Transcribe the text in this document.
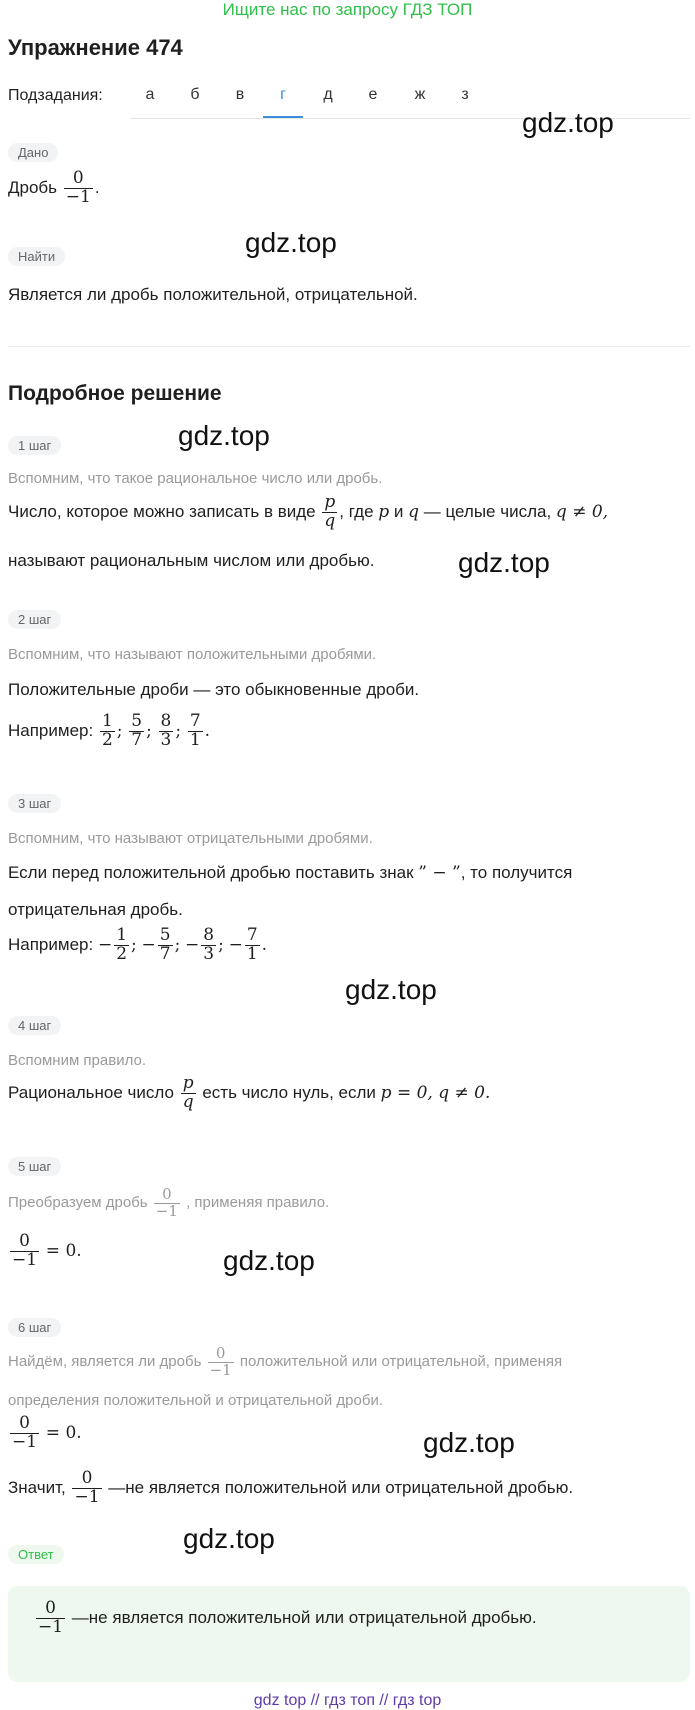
Ищите нас по запросу ГДЗ ТОП
Упражнение 474
Подзадания:	а	б	в	г	д	е	ж	з
gdz.top
gdz.top
gdz.top
gdz.top
gdz.top
gdz.top
gdz.top
gdz.top
Дано
Дробь $\frac{0}{-1}$ .
Найти
Является ли дробь положительной, отрицательной.
Подробное решение
1 шаг
Вспомним, что такое рациональное число или дробь.
Число, которое можно записать в виде $\frac{p}{q}$ , где p и q — целые числа, q ≠ 0,
называют рациональным числом или дробью.
2 шаг
Вспомним, что называют положительными дробями.
Положительные дроби — это обыкновенные дроби.
Например: $\frac{1}{2}$ ; $\frac{5}{7}$ ; $\frac{8}{3}$ ; $\frac{7}{1}$ .
3 шаг
Вспомним, что называют отрицательными дробями.
Если перед положительной дробью поставить знак ” − ”, то получится
отрицательная дробь.
Например: − $\frac{1}{2}$ ; − $\frac{5}{7}$ ; − $\frac{8}{3}$ ; − $\frac{7}{1}$ .
4 шаг
Вспомним правило.
Рациональное число $\frac{p}{q}$ есть число нуль, если p = 0, q ≠ 0.
5 шаг
Преобразуем дробь $\frac{0}{-1}$ , применяя правило.
$\frac{0}{-1} = 0$.
6 шаг
Найдём, является ли дробь $\frac{0}{-1}$ положительной или отрицательной, применяя
определения положительной и отрицательной дроби.
$\frac{0}{-1} = 0$.
Значит, $\frac{0}{-1}$ —не является положительной или отрицательной дробью.
Ответ
$\frac{0}{-1}$ —не является положительной или отрицательной дробью.
gdz top // гдз топ // гдз top
